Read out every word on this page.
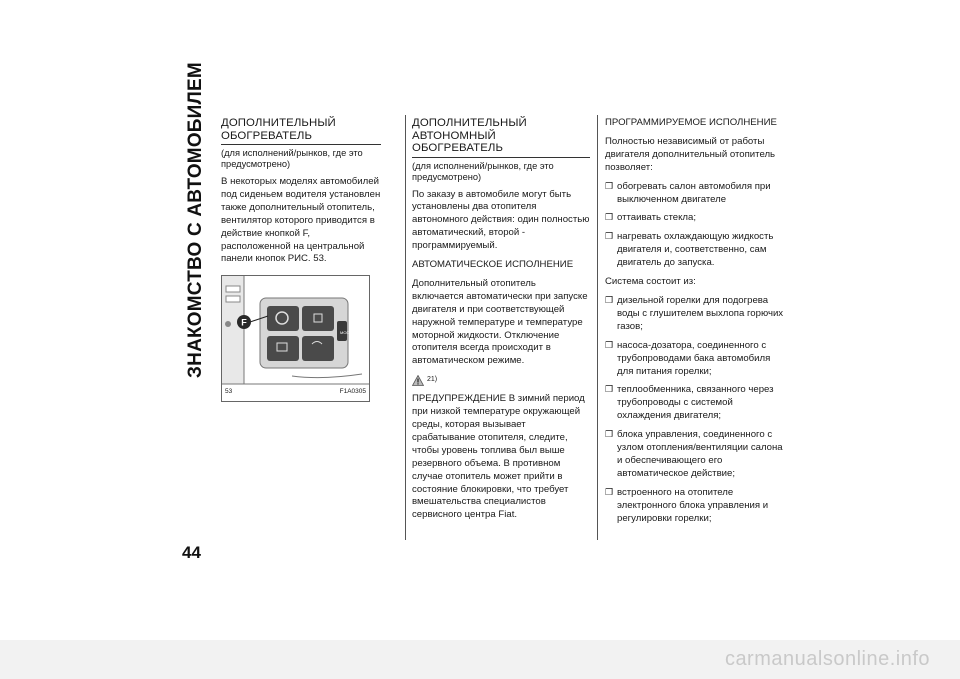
ЗНАКОМСТВО С АВТОМОБИЛЕМ
44
ДОПОЛНИТЕЛЬНЫЙ
ОБОГРЕВАТЕЛЬ

(для исполнений/рынков, где это предусмотрено)

В некоторых моделях автомобилей под сиденьем водителя установлен также дополнительный отопитель, вентилятор которого приводится в действие кнопкой F, расположенной на центральной панели кнопок РИС. 53.

F
MODE
53	F1A0305
ДОПОЛНИТЕЛЬНЫЙ
АВТОНОМНЫЙ ОБОГРЕВАТЕЛЬ

(для исполнений/рынков, где это предусмотрено)

По заказу в автомобиле могут быть установлены два отопителя автономного действия: один полностью автоматический, второй - программируемый.

АВТОМАТИЧЕСКОЕ ИСПОЛНЕНИЕ

Дополнительный отопитель включается автоматически при запуске двигателя и при соответствующей наружной температуре и температуре моторной жидкости. Отключение отопителя всегда происходит в автоматическом режиме.

21)

ПРЕДУПРЕЖДЕНИЕ В зимний период при низкой температуре окружающей среды, которая вызывает срабатывание отопителя, следите, чтобы уровень топлива был выше резервного объема. В противном случае отопитель может прийти в состояние блокировки, что требует вмешательства специалистов сервисного центра Fiat.

ПРОГРАММИРУЕМОЕ ИСПОЛНЕНИЕ

Полностью независимый от работы двигателя дополнительный отопитель позволяет:

❒ обогревать салон автомобиля при выключенном двигателе
❒ оттаивать стекла;
❒ нагревать охлаждающую жидкость двигателя и, соответственно, сам двигатель до запуска.

Система состоит из:

❒ дизельной горелки для подогрева воды с глушителем выхлопа горючих газов;
❒ насоса-дозатора, соединенного с трубопроводами бака автомобиля для питания горелки;
❒ теплообменника, связанного через трубопроводы с системой охлаждения двигателя;
❒ блока управления, соединенного с узлом отопления/вентиляции салона и обеспечивающего его автоматическое действие;
❒ встроенного на отопителе электронного блока управления и регулировки горелки;
carmanualsonline.info
